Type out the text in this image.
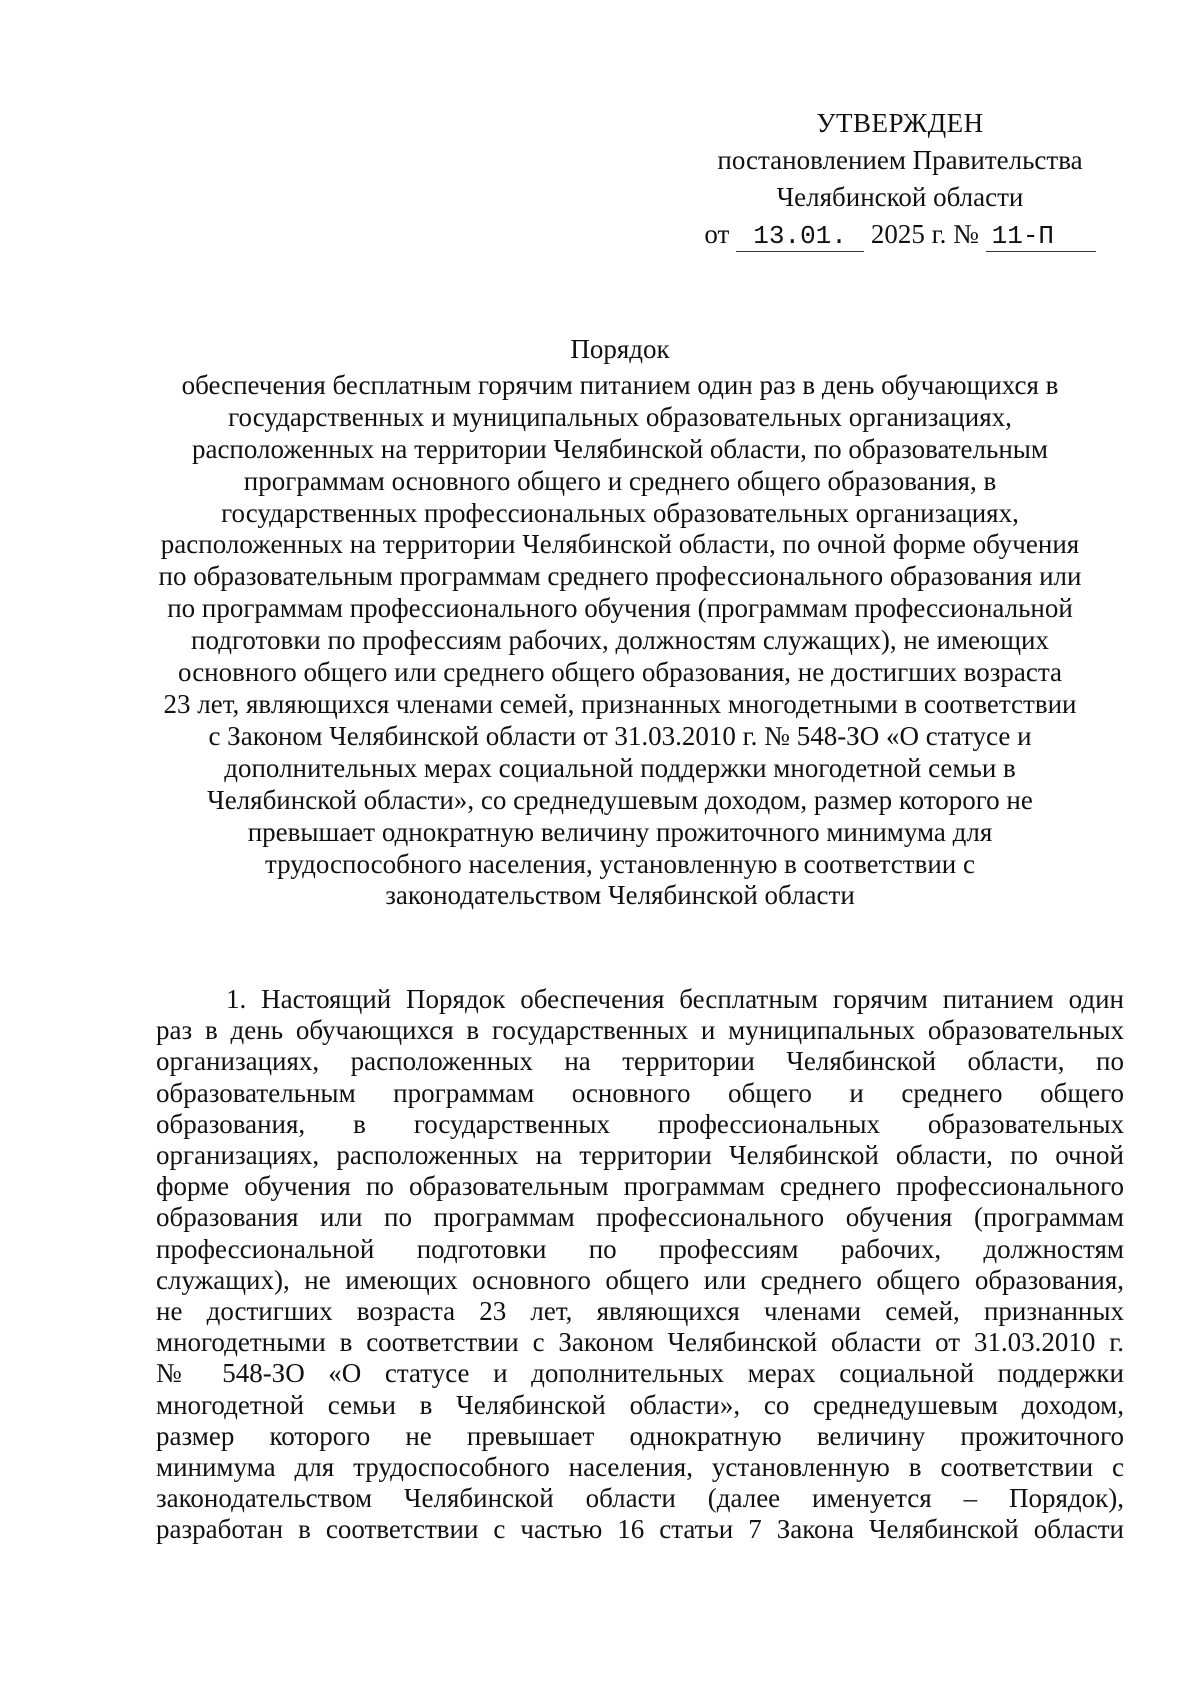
УТВЕРЖДЕН
постановлением Правительства
Челябинской области
от 13.01. 2025 г. № 11-П
Порядок
обеспечения бесплатным горячим питанием один раз в день обучающихся в
государственных и муниципальных образовательных организациях,
расположенных на территории Челябинской области, по образовательным
программам основного общего и среднего общего образования, в
государственных профессиональных образовательных организациях,
расположенных на территории Челябинской области, по очной форме обучения
по образовательным программам среднего профессионального образования или
по программам профессионального обучения (программам профессиональной
подготовки по профессиям рабочих, должностям служащих), не имеющих
основного общего или среднего общего образования, не достигших возраста
23 лет, являющихся членами семей, признанных многодетными в соответствии
с Законом Челябинской области от 31.03.2010 г. № 548-ЗО «О статусе и
дополнительных мерах социальной поддержки многодетной семьи в
Челябинской области», со среднедушевым доходом, размер которого не
превышает однократную величину прожиточного минимума для
трудоспособного населения, установленную в соответствии с
законодательством Челябинской области
1. Настоящий Порядок обеспечения бесплатным горячим питанием один
раз в день обучающихся в государственных и муниципальных образовательных
организациях, расположенных на территории Челябинской области, по
образовательным программам основного общего и среднего общего
образования, в государственных профессиональных образовательных
организациях, расположенных на территории Челябинской области, по очной
форме обучения по образовательным программам среднего профессионального
образования или по программам профессионального обучения (программам
профессиональной подготовки по профессиям рабочих, должностям
служащих), не имеющих основного общего или среднего общего образования,
не достигших возраста 23 лет, являющихся членами семей, признанных
многодетными в соответствии с Законом Челябинской области от 31.03.2010 г.
№ 548-ЗО «О статусе и дополнительных мерах социальной поддержки
многодетной семьи в Челябинской области», со среднедушевым доходом,
размер которого не превышает однократную величину прожиточного
минимума для трудоспособного населения, установленную в соответствии с
законодательством Челябинской области (далее именуется – Порядок),
разработан в соответствии с частью 16 статьи 7 Закона Челябинской области
